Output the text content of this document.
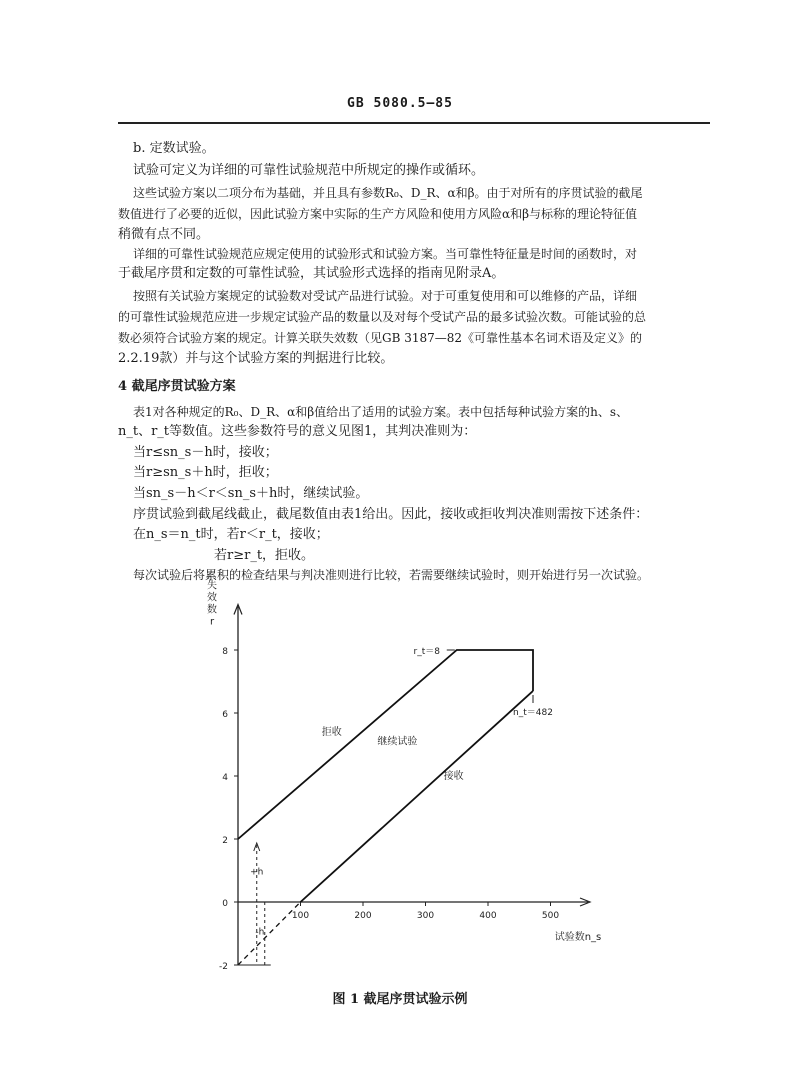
GB 5080.5—85
b. 定数试验。
试验可定义为详细的可靠性试验规范中所规定的操作或循环。
这些试验方案以二项分布为基础，并且具有参数R₀、D_R、α和β。由于对所有的序贯试验的截尾
数值进行了必要的近似，因此试验方案中实际的生产方风险和使用方风险α和β与标称的理论特征值
稍微有点不同。
详细的可靠性试验规范应规定使用的试验形式和试验方案。当可靠性特征量是时间的函数时，对
于截尾序贯和定数的可靠性试验，其试验形式选择的指南见附录A。
按照有关试验方案规定的试验数对受试产品进行试验。对于可重复使用和可以维修的产品，详细
的可靠性试验规范应进一步规定试验产品的数量以及对每个受试产品的最多试验次数。可能试验的总
数必须符合试验方案的规定。计算关联失效数（见GB 3187—82《可靠性基本名词术语及定义》的
2.2.19款）并与这个试验方案的判据进行比较。
4 截尾序贯试验方案
表1对各种规定的R₀、D_R、α和β值给出了适用的试验方案。表中包括每种试验方案的h、s、
n_t、r_t等数值。这些参数符号的意义见图1，其判决准则为：
当r≤sn_s－h时，接收；
当r≥sn_s＋h时，拒收；
当sn_s－h＜r＜sn_s＋h时，继续试验。
序贯试验到截尾线截止，截尾数值由表1给出。因此，接收或拒收判决准则需按下述条件：
在n_s＝n_t时，若r＜r_t，接收；
若r≥r_t，拒收。
每次试验后将累积的检查结果与判决准则进行比较，若需要继续试验时，则开始进行另一次试验。
-2
0
2
4
6
8
100	200	300	400	500
r_t＝8
n_t＝482
拒收
继续试验
接收
+h
-h
失
效
数
r
试验数n_s
图 1 截尾序贯试验示例
